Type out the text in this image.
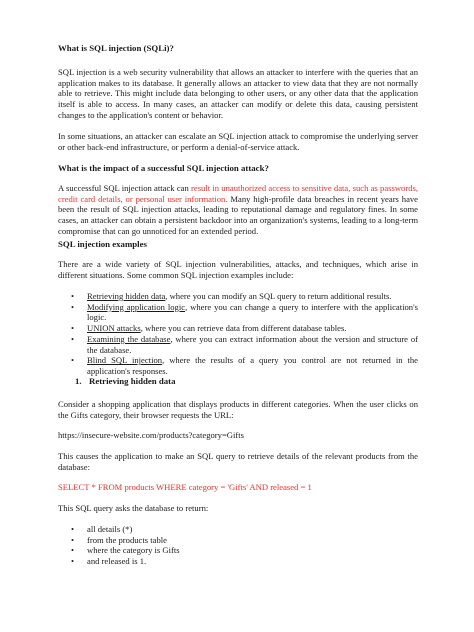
What is SQL injection (SQLi)?

SQL injection is a web security vulnerability that allows an attacker to interfere with the queries that an application makes to its database. It generally allows an attacker to view data that they are not normally able to retrieve. This might include data belonging to other users, or any other data that the application itself is able to access. In many cases, an attacker can modify or delete this data, causing persistent changes to the application's content or behavior.

In some situations, an attacker can escalate an SQL injection attack to compromise the underlying server or other back-end infrastructure, or perform a denial-of-service attack.

What is the impact of a successful SQL injection attack?

A successful SQL injection attack can result in unauthorized access to sensitive data, such as passwords, credit card details, or personal user information. Many high-profile data breaches in recent years have been the result of SQL injection attacks, leading to reputational damage and regulatory fines. In some cases, an attacker can obtain a persistent backdoor into an organization's systems, leading to a long-term compromise that can go unnoticed for an extended period.

SQL injection examples

There are a wide variety of SQL injection vulnerabilities, attacks, and techniques, which arise in different situations. Some common SQL injection examples include:

• Retrieving hidden data, where you can modify an SQL query to return additional results.
• Modifying application logic, where you can change a query to interfere with the application's logic.
• UNION attacks, where you can retrieve data from different database tables.
• Examining the database, where you can extract information about the version and structure of the database.
• Blind SQL injection, where the results of a query you control are not returned in the application's responses.
1. Retrieving hidden data

Consider a shopping application that displays products in different categories. When the user clicks on the Gifts category, their browser requests the URL:

https://insecure-website.com/products?category=Gifts

This causes the application to make an SQL query to retrieve details of the relevant products from the database:

SELECT * FROM products WHERE category = 'Gifts' AND released = 1

This SQL query asks the database to return:

• all details (*)
• from the products table
• where the category is Gifts
• and released is 1.
